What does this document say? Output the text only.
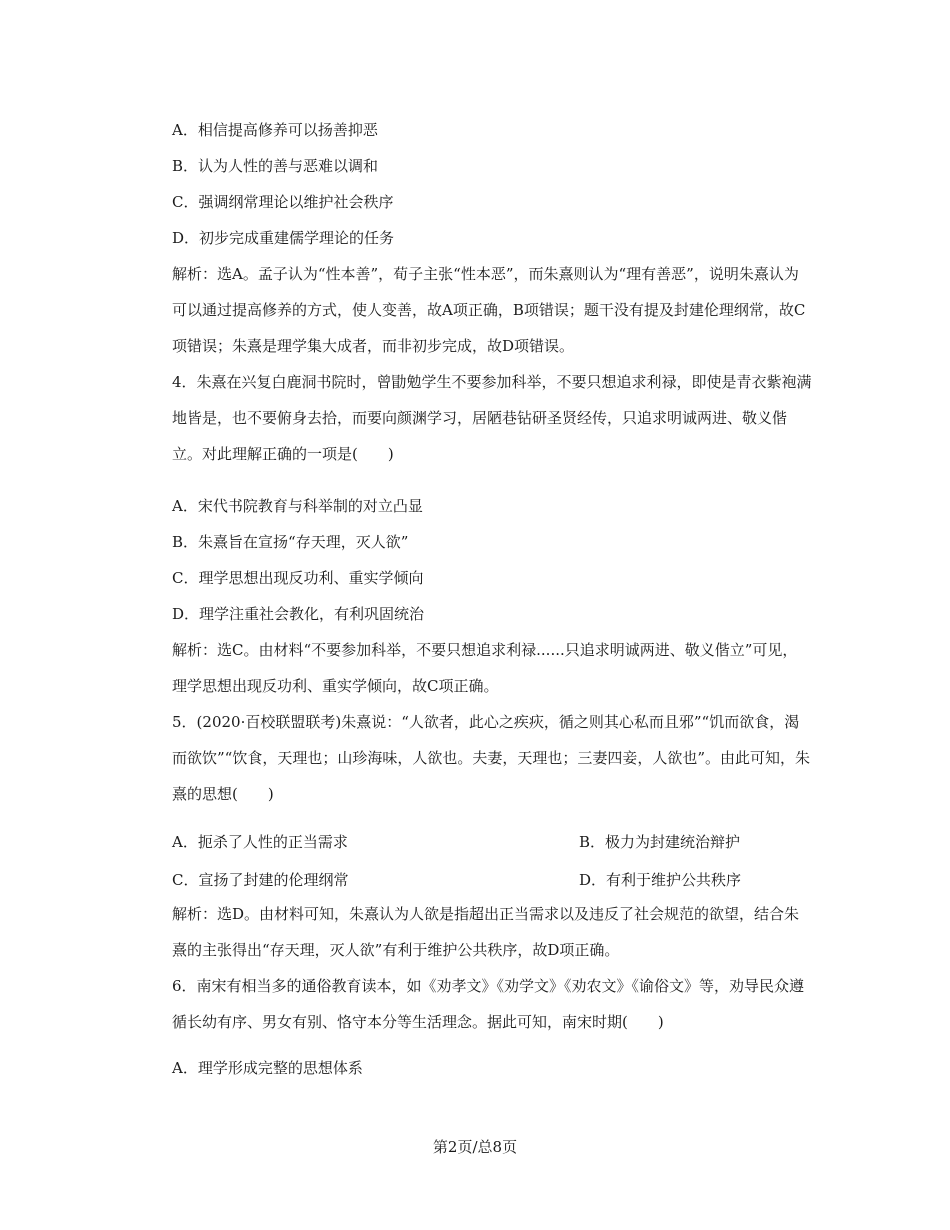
A．相信提高修养可以扬善抑恶
B．认为人性的善与恶难以调和
C．强调纲常理论以维护社会秩序
D．初步完成重建儒学理论的任务
解析：选A。孟子认为“性本善”，荀子主张“性本恶”，而朱熹则认为“理有善恶”，说明朱熹认为可以通过提高修养的方式，使人变善，故A项正确，B项错误；题干没有提及封建伦理纲常，故C项错误；朱熹是理学集大成者，而非初步完成，故D项错误。
4．朱熹在兴复白鹿洞书院时，曾勖勉学生不要参加科举，不要只想追求利禄，即使是青衣紫袍满地皆是，也不要俯身去拾，而要向颜渊学习，居陋巷钻研圣贤经传，只追求明诚两进、敬义偕立。对此理解正确的一项是(　　)
A．宋代书院教育与科举制的对立凸显
B．朱熹旨在宣扬“存天理，灭人欲”
C．理学思想出现反功利、重实学倾向
D．理学注重社会教化，有利巩固统治
解析：选C。由材料“不要参加科举，不要只想追求利禄......只追求明诚两进、敬义偕立”可见，理学思想出现反功利、重实学倾向，故C项正确。
5．(2020·百校联盟联考)朱熹说：“人欲者，此心之疾疢，循之则其心私而且邪”“饥而欲食，渴而欲饮”“饮食，天理也；山珍海味，人欲也。夫妻，天理也；三妻四妾，人欲也”。由此可知，朱熹的思想(　　)
A．扼杀了人性的正当需求	B．极力为封建统治辩护
C．宣扬了封建的伦理纲常	D．有利于维护公共秩序
解析：选D。由材料可知，朱熹认为人欲是指超出正当需求以及违反了社会规范的欲望，结合朱熹的主张得出“存天理，灭人欲”有利于维护公共秩序，故D项正确。
6．南宋有相当多的通俗教育读本，如《劝孝文》《劝学文》《劝农文》《谕俗文》等，劝导民众遵循长幼有序、男女有别、恪守本分等生活理念。据此可知，南宋时期(　　)
A．理学形成完整的思想体系
第2页/总8页
